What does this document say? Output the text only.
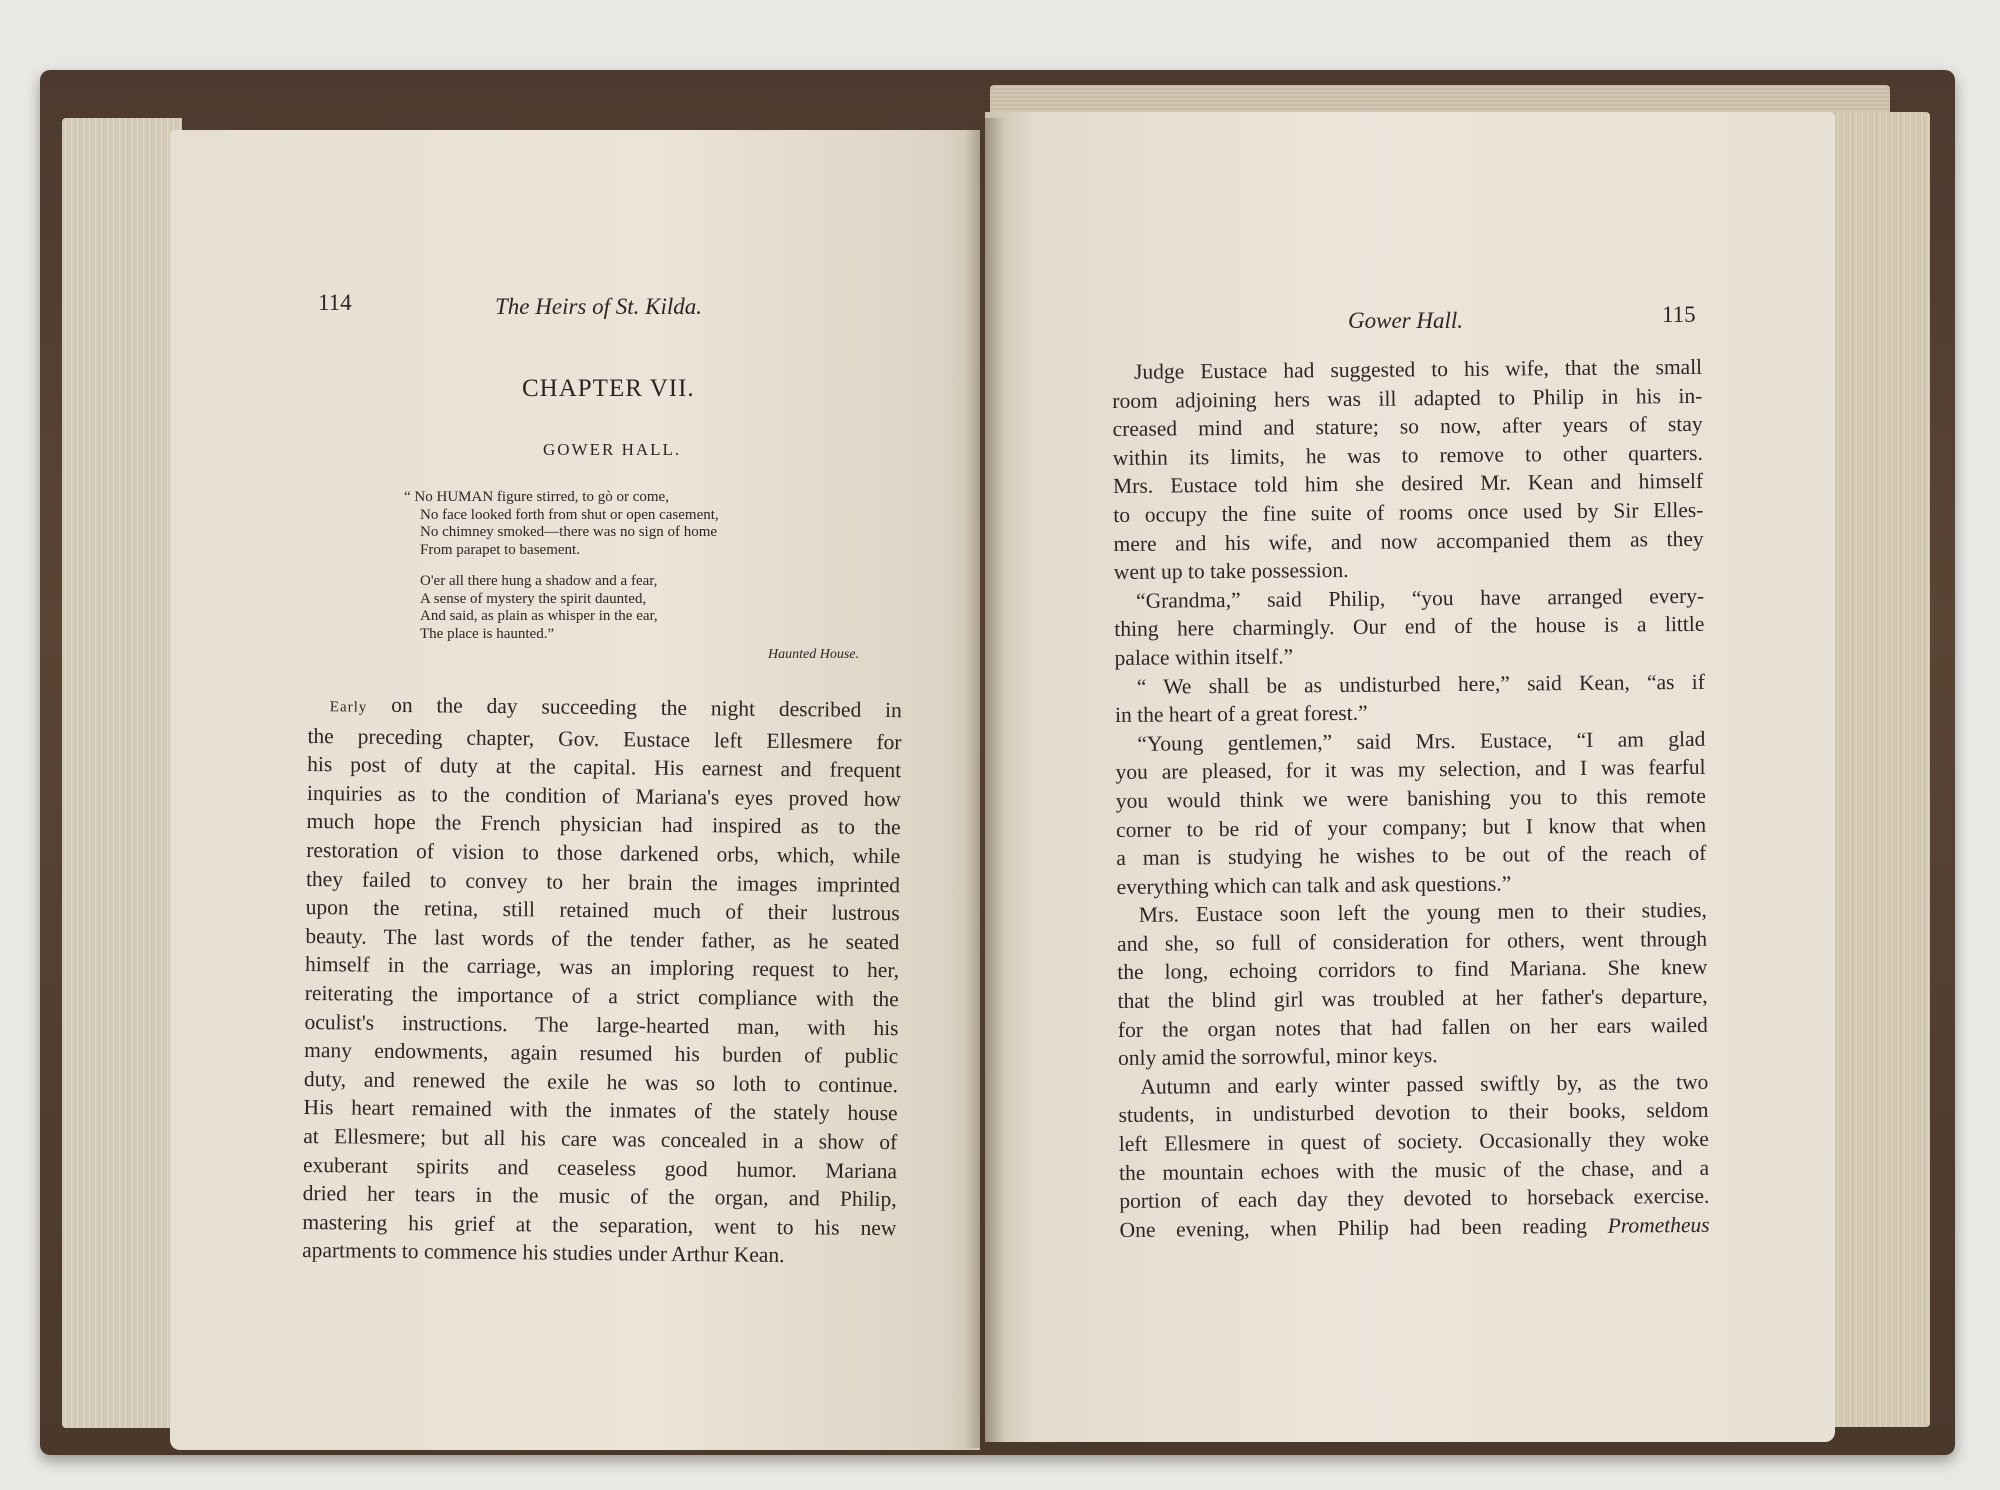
114	The Heirs of St. Kilda.
CHAPTER VII.
GOWER HALL.
“ No HUMAN figure stirred, to gò or come,
No face looked forth from shut or open casement,
No chimney smoked—there was no sign of home
From parapet to basement.
O'er all there hung a shadow and a fear,
A sense of mystery the spirit daunted,
And said, as plain as whisper in the ear,
The place is haunted.”
Haunted House.
Early on the day succeeding the night described in
the preceding chapter, Gov. Eustace left Ellesmere for
his post of duty at the capital. His earnest and frequent
inquiries as to the condition of Mariana's eyes proved how
much hope the French physician had inspired as to the
restoration of vision to those darkened orbs, which, while
they failed to convey to her brain the images imprinted
upon the retina, still retained much of their lustrous
beauty. The last words of the tender father, as he seated
himself in the carriage, was an imploring request to her,
reiterating the importance of a strict compliance with the
oculist's instructions. The large-hearted man, with his
many endowments, again resumed his burden of public
duty, and renewed the exile he was so loth to continue.
His heart remained with the inmates of the stately house
at Ellesmere; but all his care was concealed in a show of
exuberant spirits and ceaseless good humor. Mariana
dried her tears in the music of the organ, and Philip,
mastering his grief at the separation, went to his new
apartments to commence his studies under Arthur Kean.
Gower Hall.	115
Judge Eustace had suggested to his wife, that the small
room adjoining hers was ill adapted to Philip in his in-
creased mind and stature; so now, after years of stay
within its limits, he was to remove to other quarters.
Mrs. Eustace told him she desired Mr. Kean and himself
to occupy the fine suite of rooms once used by Sir Elles-
mere and his wife, and now accompanied them as they
went up to take possession.
“Grandma,” said Philip, “you have arranged every-
thing here charmingly. Our end of the house is a little
palace within itself.”
“ We shall be as undisturbed here,” said Kean, “as if
in the heart of a great forest.”
“Young gentlemen,” said Mrs. Eustace, “I am glad
you are pleased, for it was my selection, and I was fearful
you would think we were banishing you to this remote
corner to be rid of your company; but I know that when
a man is studying he wishes to be out of the reach of
everything which can talk and ask questions.”
Mrs. Eustace soon left the young men to their studies,
and she, so full of consideration for others, went through
the long, echoing corridors to find Mariana. She knew
that the blind girl was troubled at her father's departure,
for the organ notes that had fallen on her ears wailed
only amid the sorrowful, minor keys.
Autumn and early winter passed swiftly by, as the two
students, in undisturbed devotion to their books, seldom
left Ellesmere in quest of society. Occasionally they woke
the mountain echoes with the music of the chase, and a
portion of each day they devoted to horseback exercise.
One evening, when Philip had been reading Prometheus
